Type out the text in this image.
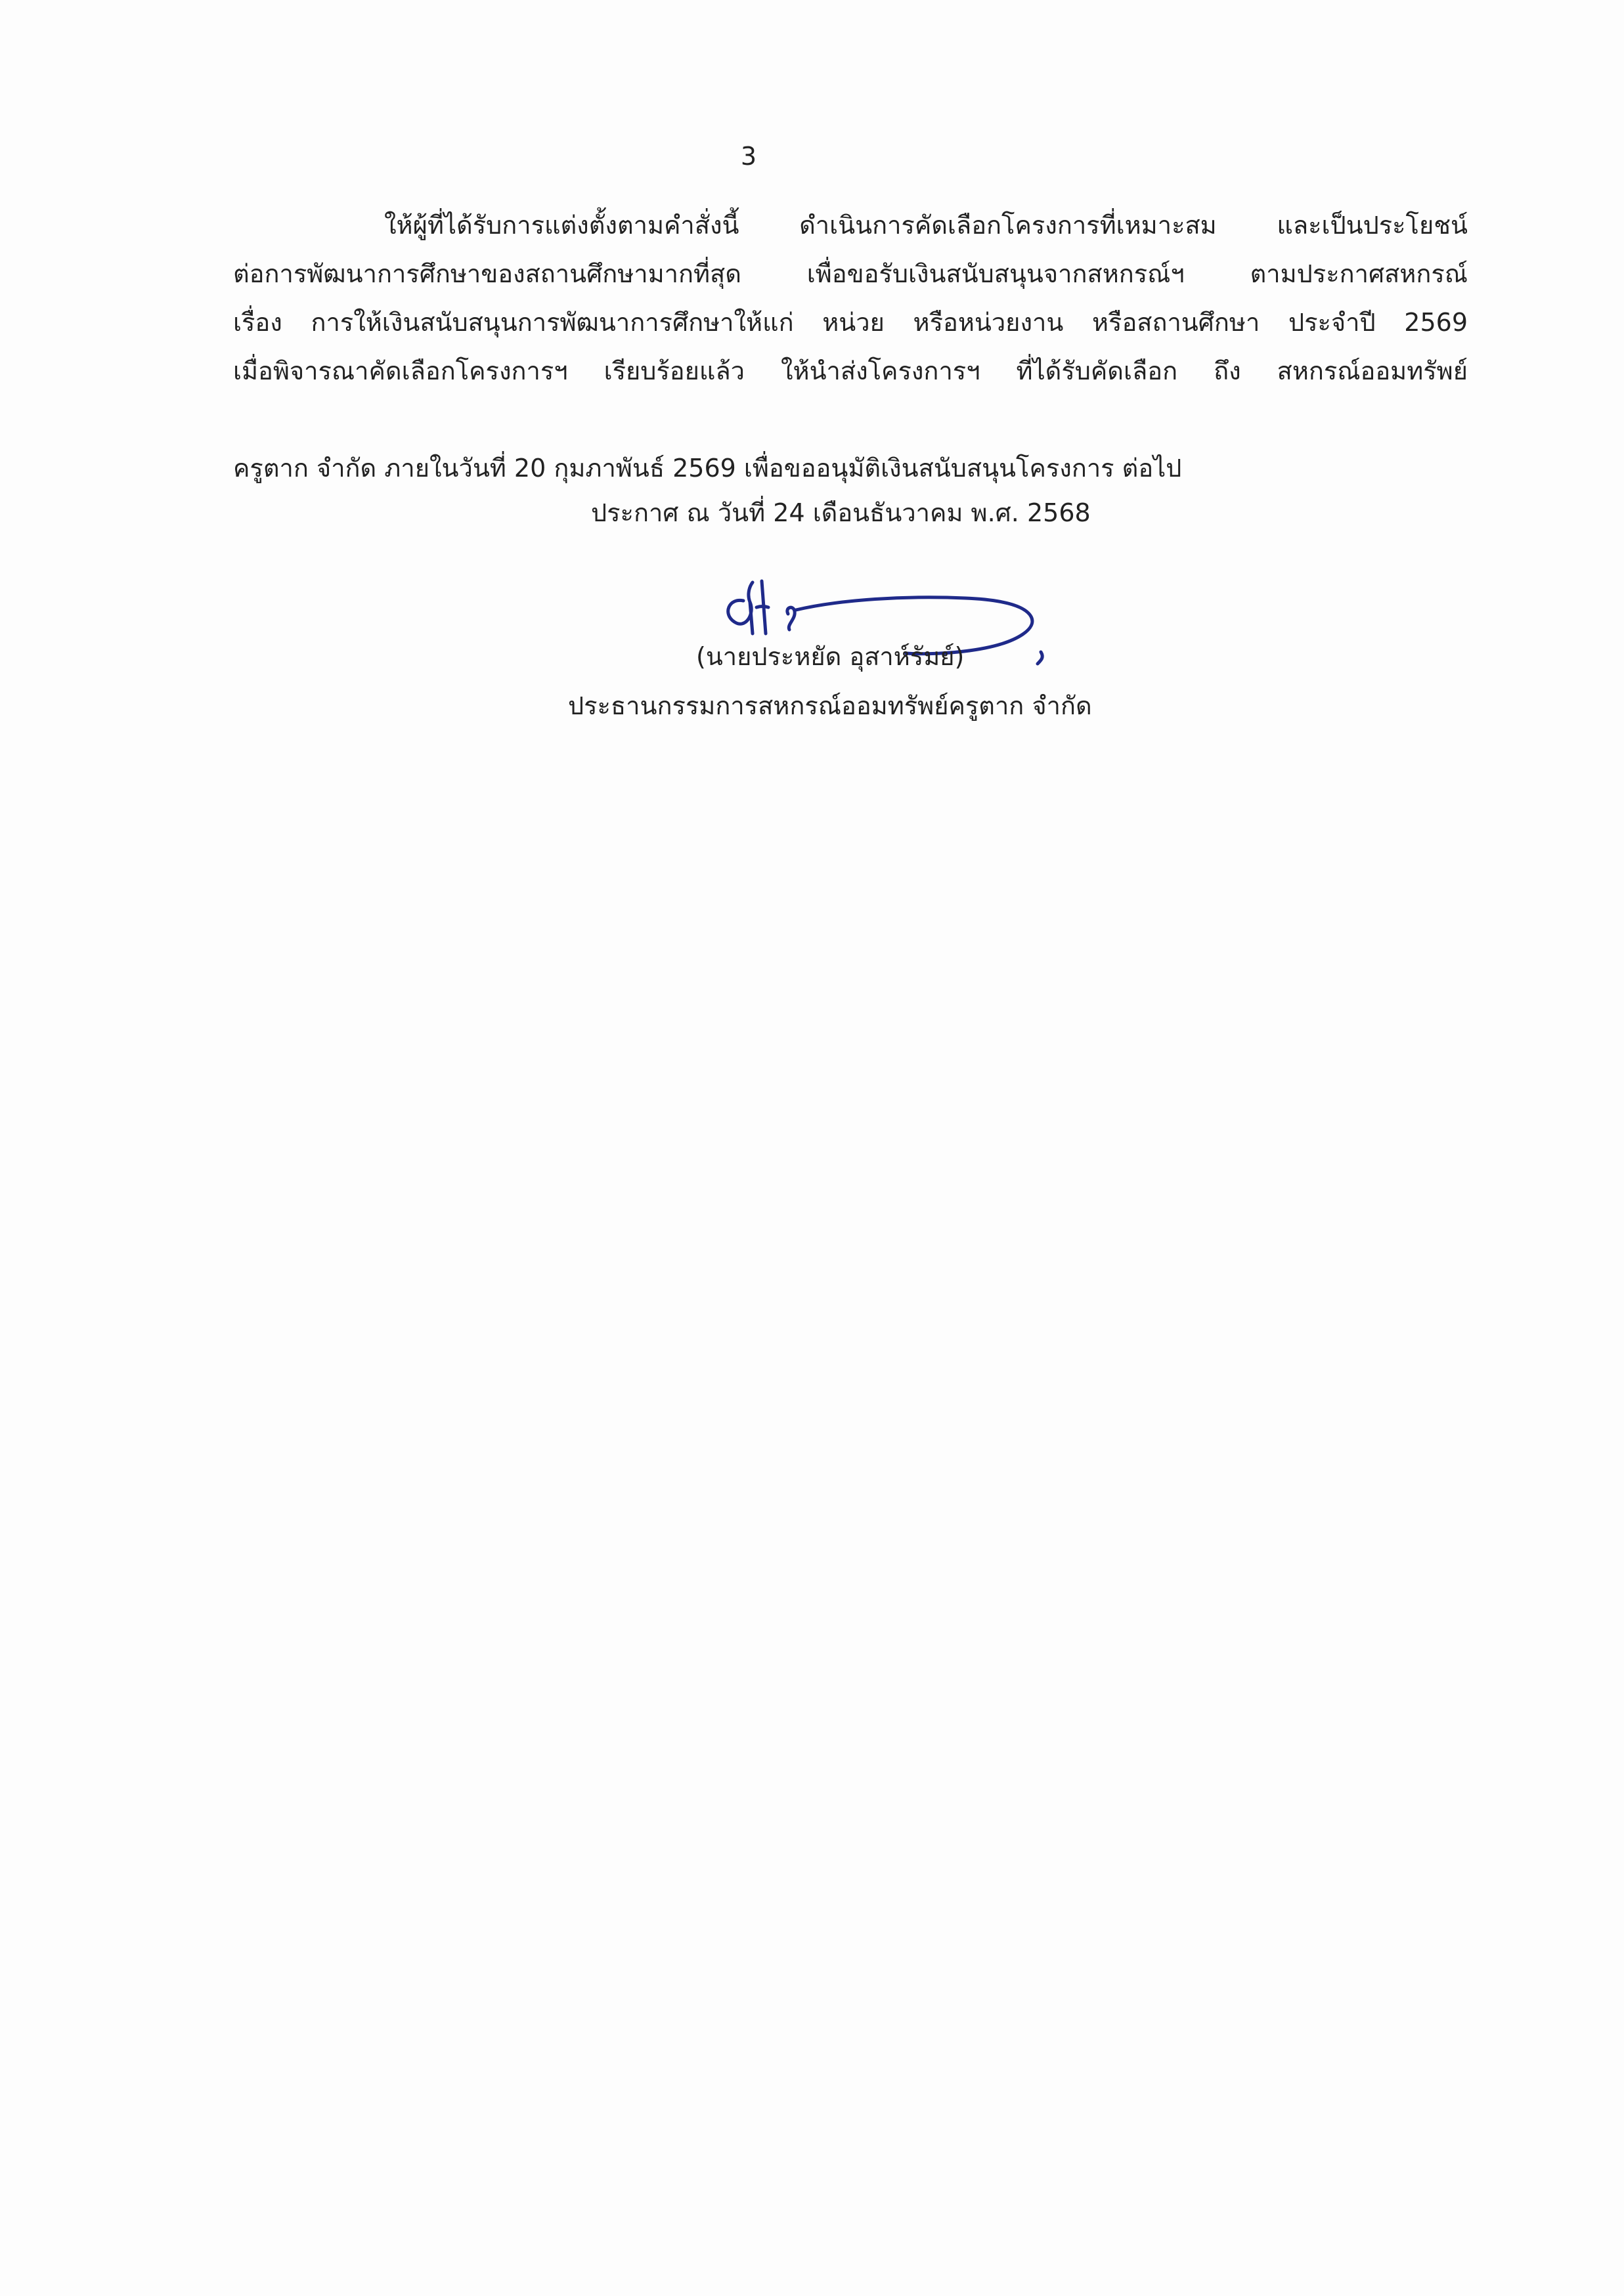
3
ให้ผู้ที่ได้รับการแต่งตั้งตามคำสั่งนี้ ดำเนินการคัดเลือกโครงการที่เหมาะสม และเป็นประโยชน์
ต่อการพัฒนาการศึกษาของสถานศึกษามากที่สุด เพื่อขอรับเงินสนับสนุนจากสหกรณ์ฯ ตามประกาศสหกรณ์
เรื่อง การให้เงินสนับสนุนการพัฒนาการศึกษาให้แก่ หน่วย หรือหน่วยงาน หรือสถานศึกษา ประจำปี 2569
เมื่อพิจารณาคัดเลือกโครงการฯ เรียบร้อยแล้ว ให้นำส่งโครงการฯ ที่ได้รับคัดเลือก ถึง สหกรณ์ออมทรัพย์
ครูตาก จำกัด ภายในวันที่ 20 กุมภาพันธ์ 2569 เพื่อขออนุมัติเงินสนับสนุนโครงการ ต่อไป
ประกาศ ณ วันที่ 24 เดือนธันวาคม พ.ศ. 2568
(นายประหยัด อุสาห์รัมย์)
ประธานกรรมการสหกรณ์ออมทรัพย์ครูตาก จำกัด
